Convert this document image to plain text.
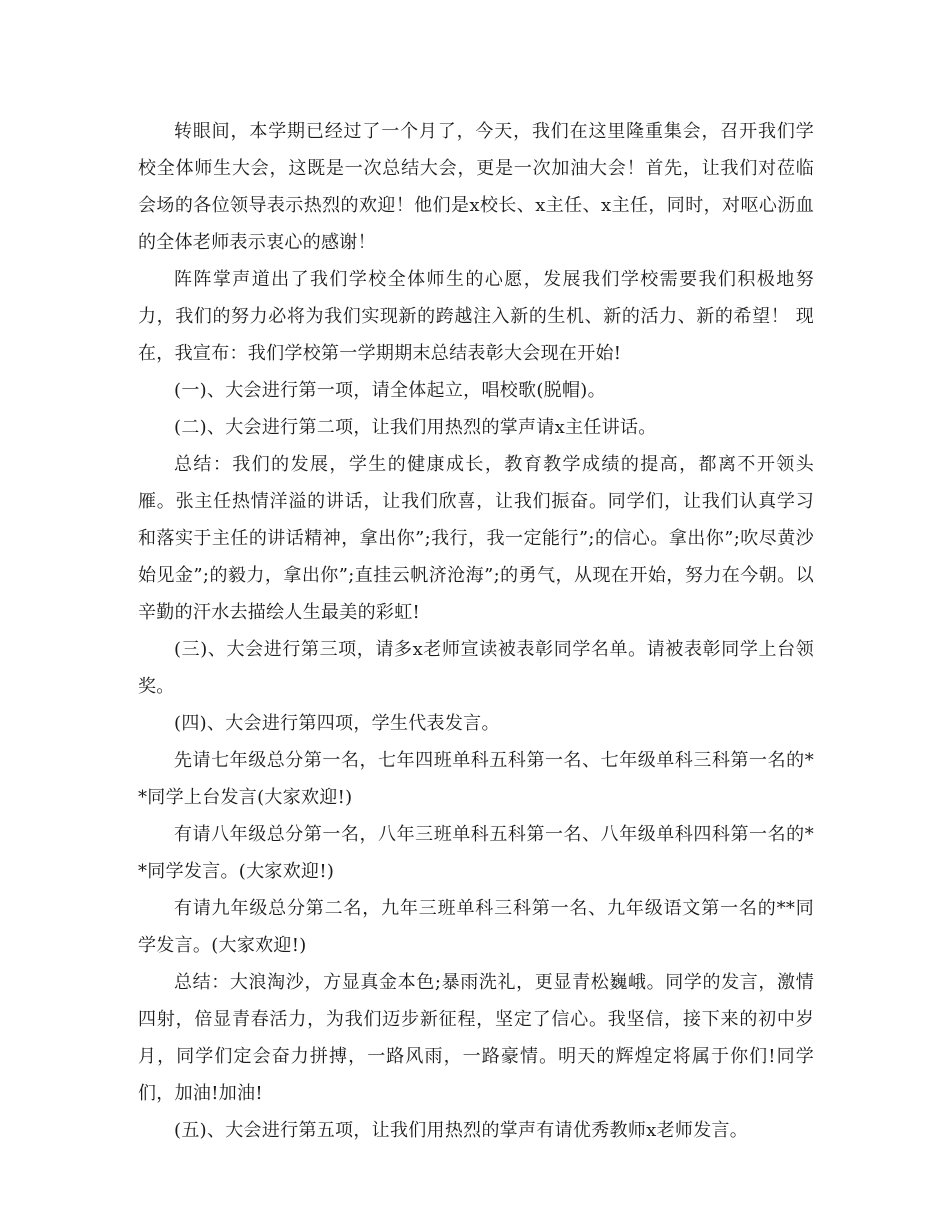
转眼间，本学期已经过了一个月了，今天，我们在这里隆重集会，召开我们学校全体师生大会，这既是一次总结大会，更是一次加油大会！首先，让我们对莅临会场的各位领导表示热烈的欢迎！他们是x校长、x主任、x主任，同时，对呕心沥血的全体老师表示衷心的感谢！

阵阵掌声道出了我们学校全体师生的心愿，发展我们学校需要我们积极地努力，我们的努力必将为我们实现新的跨越注入新的生机、新的活力、新的希望！ 现在，我宣布：我们学校第一学期期末总结表彰大会现在开始!

(一)、大会进行第一项，请全体起立，唱校歌(脱帽)。

(二)、大会进行第二项，让我们用热烈的掌声请x主任讲话。

总结：我们的发展，学生的健康成长，教育教学成绩的提高，都离不开领头雁。张主任热情洋溢的讲话，让我们欣喜，让我们振奋。同学们，让我们认真学习和落实于主任的讲话精神，拿出你”;我行，我一定能行”;的信心。拿出你”;吹尽黄沙始见金”;的毅力，拿出你”;直挂云帆济沧海”;的勇气，从现在开始，努力在今朝。以辛勤的汗水去描绘人生最美的彩虹!

(三)、大会进行第三项，请多x老师宣读被表彰同学名单。请被表彰同学上台领奖。

(四)、大会进行第四项，学生代表发言。

先请七年级总分第一名，七年四班单科五科第一名、七年级单科三科第一名的**同学上台发言(大家欢迎!)

有请八年级总分第一名，八年三班单科五科第一名、八年级单科四科第一名的**同学发言。(大家欢迎!)

有请九年级总分第二名，九年三班单科三科第一名、九年级语文第一名的**同学发言。(大家欢迎!)

总结：大浪淘沙，方显真金本色;暴雨洗礼，更显青松巍峨。同学的发言，激情四射，倍显青春活力，为我们迈步新征程，坚定了信心。我坚信，接下来的初中岁月，同学们定会奋力拼搏，一路风雨，一路豪情。明天的辉煌定将属于你们!同学们，加油!加油!

(五)、大会进行第五项，让我们用热烈的掌声有请优秀教师x老师发言。
